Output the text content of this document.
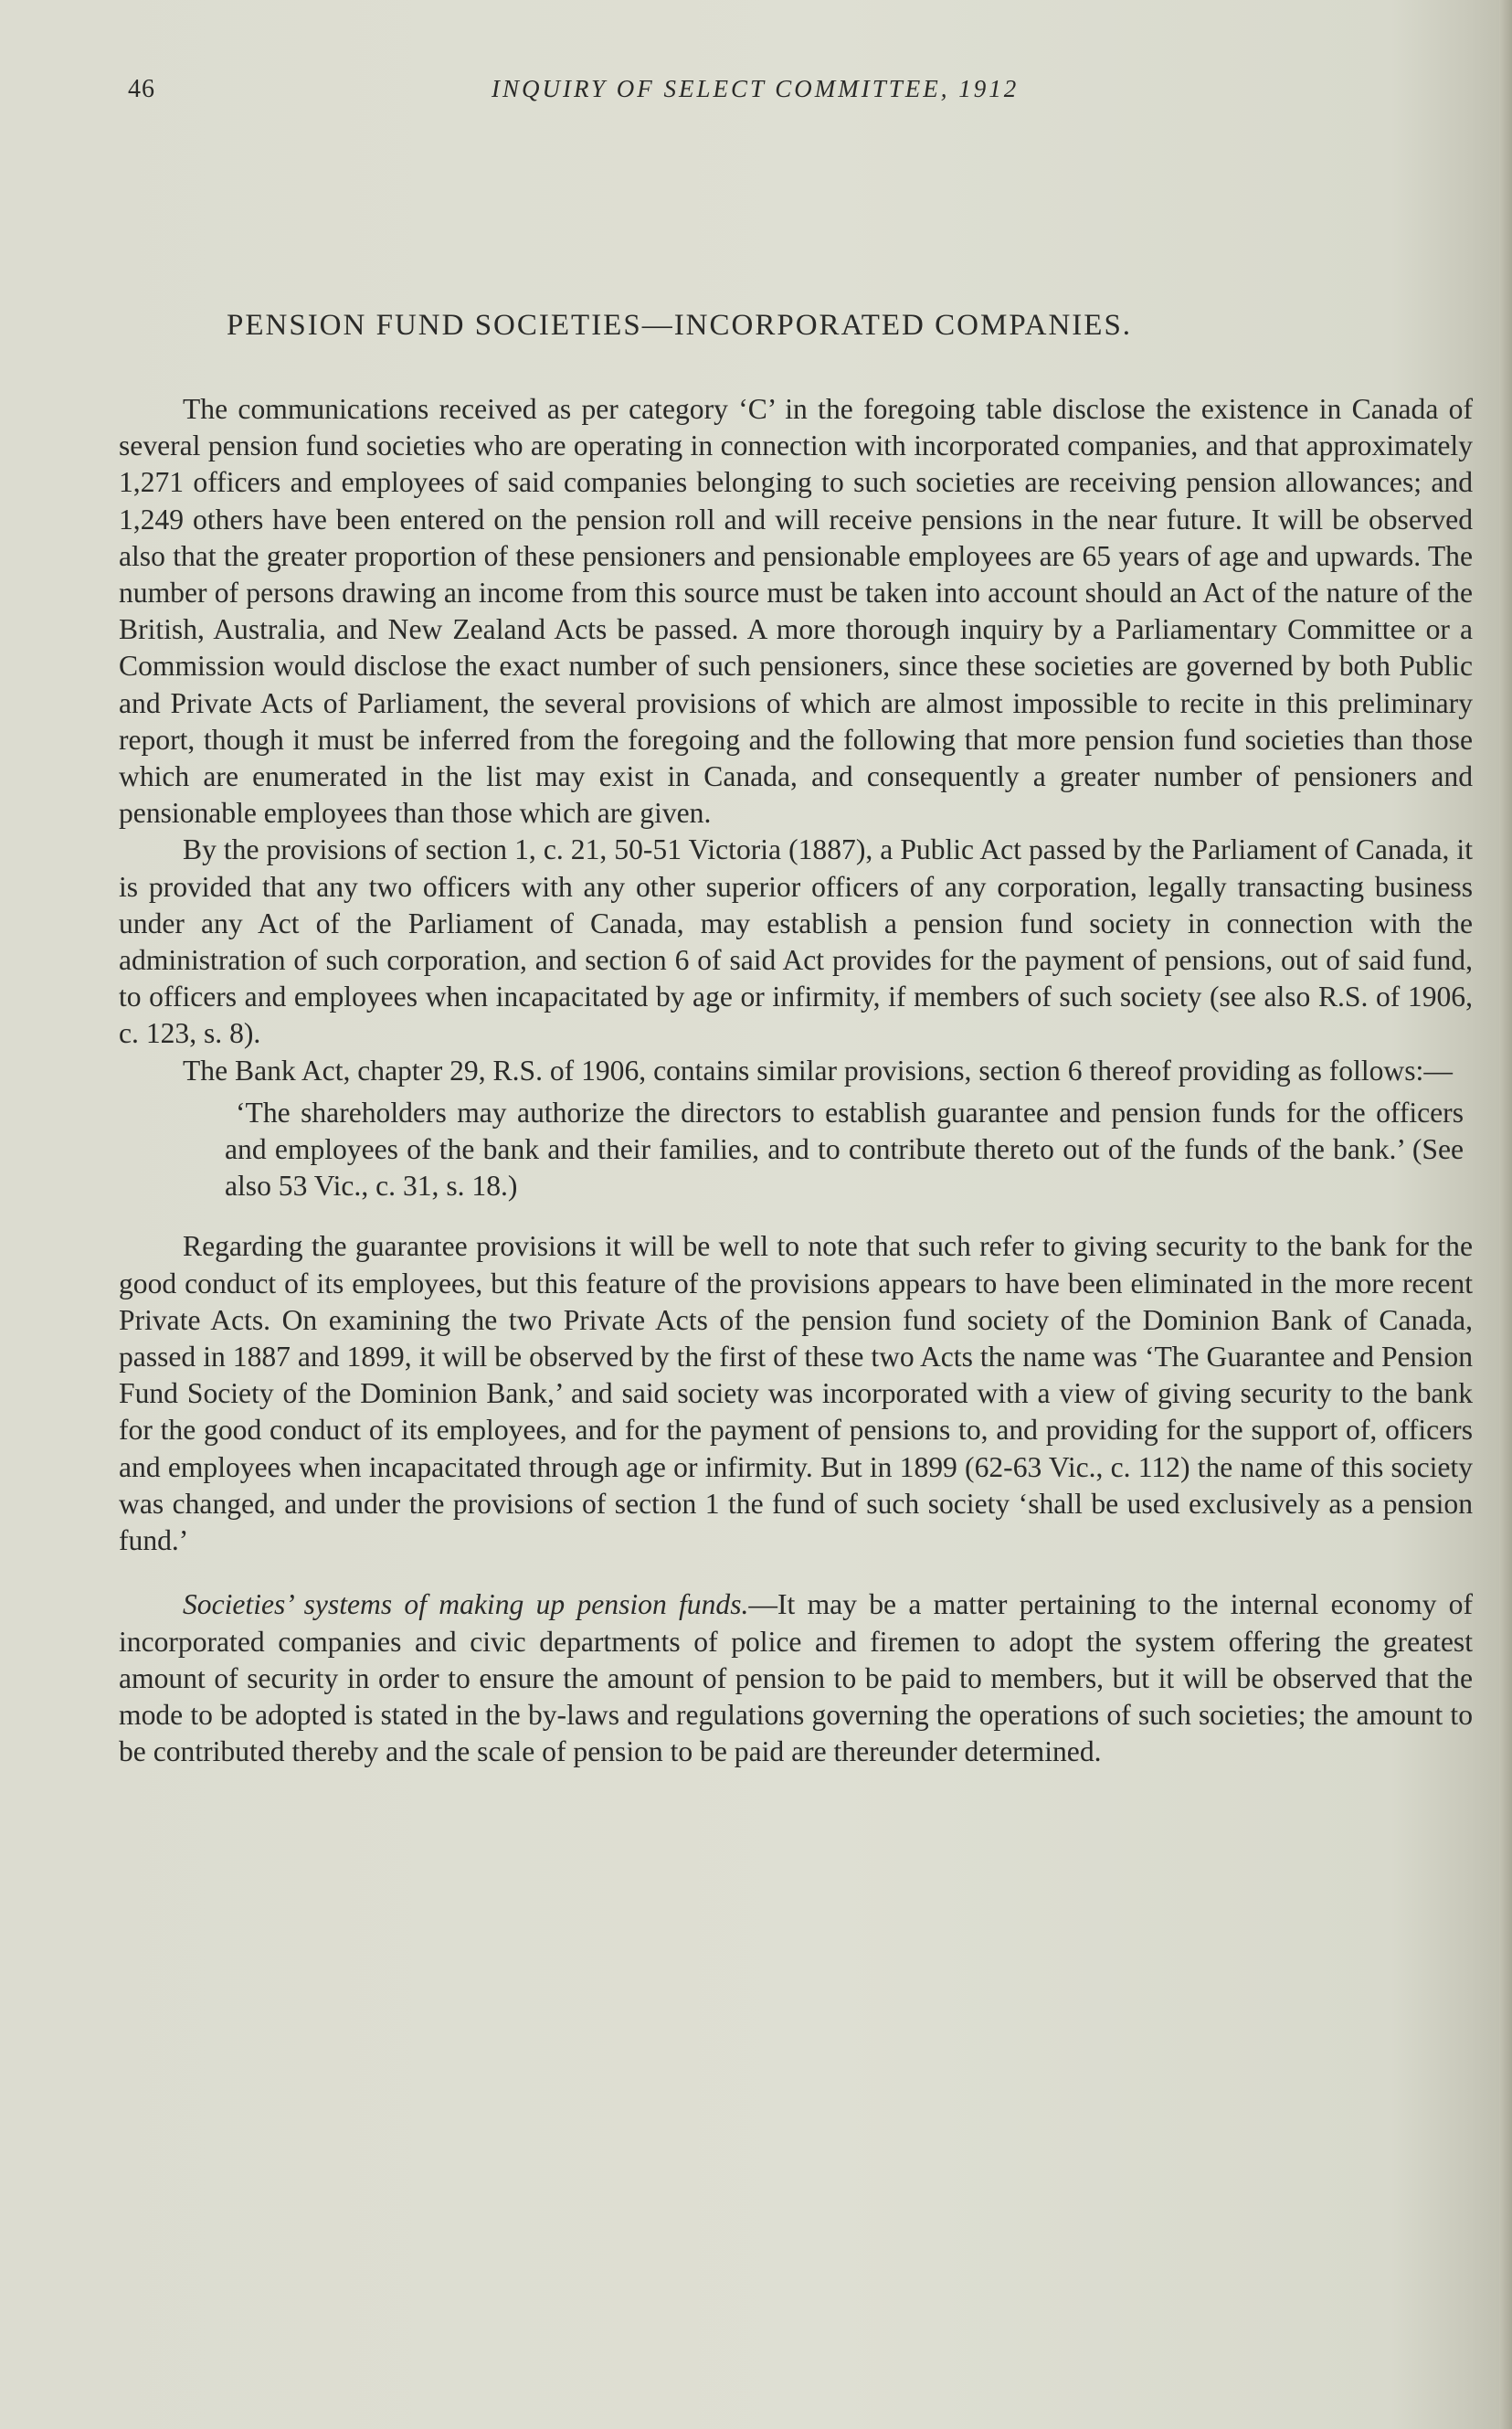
46	INQUIRY OF SELECT COMMITTEE, 1912
PENSION FUND SOCIETIES—INCORPORATED COMPANIES.

The communications received as per category ‘C’ in the foregoing table disclose the existence in Canada of several pension fund societies who are operating in connection with incorporated companies, and that approximately 1,271 officers and employees of said companies belonging to such societies are receiving pension allowances; and 1,249 others have been entered on the pension roll and will receive pensions in the near future. It will be observed also that the greater proportion of these pensioners and pensionable employees are 65 years of age and upwards. The number of persons drawing an income from this source must be taken into account should an Act of the nature of the British, Australia, and New Zealand Acts be passed. A more thorough inquiry by a Parliamentary Committee or a Commission would disclose the exact number of such pensioners, since these societies are governed by both Public and Private Acts of Parliament, the several provisions of which are almost impossible to recite in this preliminary report, though it must be inferred from the foregoing and the following that more pension fund societies than those which are enumerated in the list may exist in Canada, and consequently a greater number of pensioners and pensionable employees than those which are given.

By the provisions of section 1, c. 21, 50-51 Victoria (1887), a Public Act passed by the Parliament of Canada, it is provided that any two officers with any other superior officers of any corporation, legally transacting business under any Act of the Parliament of Canada, may establish a pension fund society in connection with the administration of such corporation, and section 6 of said Act provides for the payment of pensions, out of said fund, to officers and employees when incapacitated by age or infirmity, if members of such society (see also R.S. of 1906, c. 123, s. 8).

The Bank Act, chapter 29, R.S. of 1906, contains similar provisions, section 6 thereof providing as follows:—

‘The shareholders may authorize the directors to establish guarantee and pension funds for the officers and employees of the bank and their families, and to contribute thereto out of the funds of the bank.’ (See also 53 Vic., c. 31, s. 18.)

Regarding the guarantee provisions it will be well to note that such refer to giving security to the bank for the good conduct of its employees, but this feature of the provisions appears to have been eliminated in the more recent Private Acts. On examining the two Private Acts of the pension fund society of the Dominion Bank of Canada, passed in 1887 and 1899, it will be observed by the first of these two Acts the name was ‘The Guarantee and Pension Fund Society of the Dominion Bank,’ and said society was incorporated with a view of giving security to the bank for the good conduct of its employees, and for the payment of pensions to, and providing for the support of, officers and employees when incapacitated through age or infirmity. But in 1899 (62-63 Vic., c. 112) the name of this society was changed, and under the provisions of section 1 the fund of such society ‘shall be used exclusively as a pension fund.’

Societies’ systems of making up pension funds.—It may be a matter pertaining to the internal economy of incorporated companies and civic departments of police and firemen to adopt the system offering the greatest amount of security in order to ensure the amount of pension to be paid to members, but it will be observed that the mode to be adopted is stated in the by-laws and regulations governing the operations of such societies; the amount to be contributed thereby and the scale of pension to be paid are thereunder determined.
